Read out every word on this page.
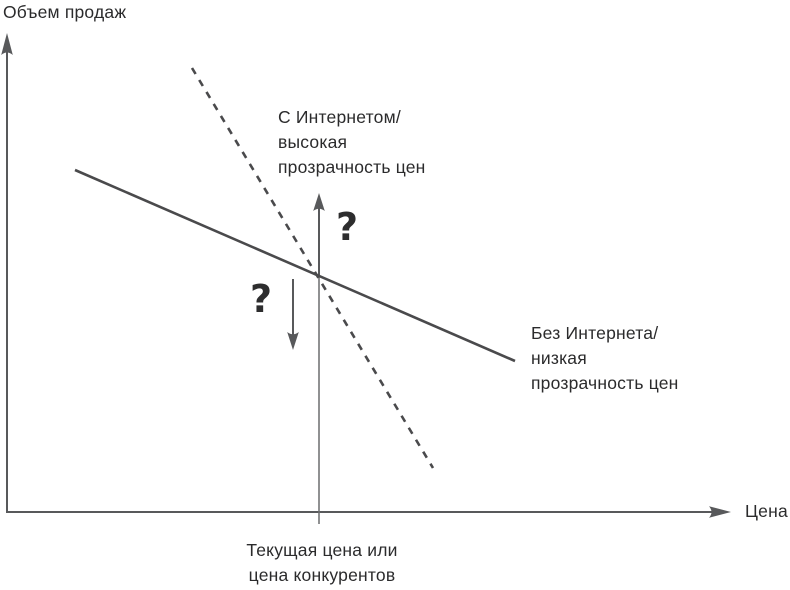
Объем продаж
Цена
С Интернетом/
высокая
прозрачность цен
Без Интернета/
низкая
прозрачность цен
Текущая цена или
цена конкурентов
?
?
